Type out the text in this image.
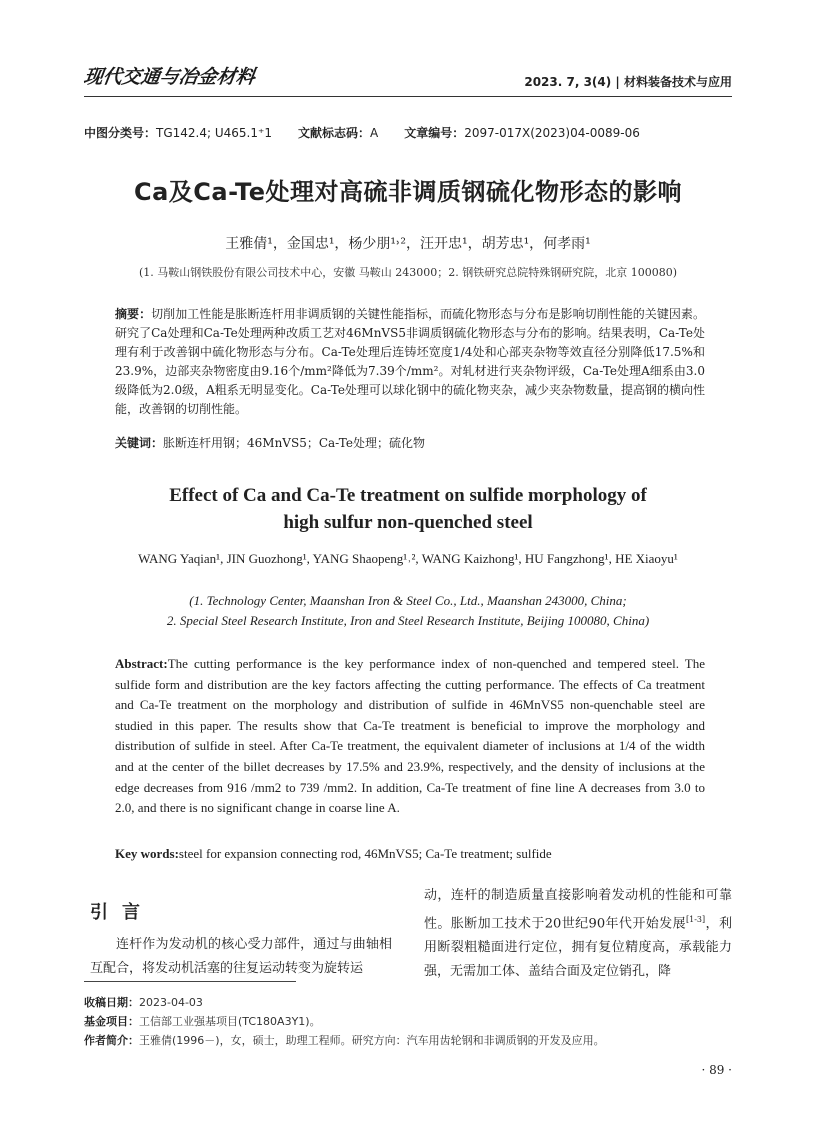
现代交通与冶金材料	2023. 7, 3(4) | 材料装备技术与应用
中图分类号：TG142.4; U465.1⁺1 文献标志码：A 文章编号：2097-017X(2023)04-0089-06
Ca及Ca-Te处理对高硫非调质钢硫化物形态的影响
王雅倩¹，金国忠¹，杨少朋¹˒²，汪开忠¹，胡芳忠¹，何孝雨¹
(1. 马鞍山钢铁股份有限公司技术中心，安徽 马鞍山 243000；2. 钢铁研究总院特殊钢研究院，北京 100080)
摘要：切削加工性能是胀断连杆用非调质钢的关键性能指标，而硫化物形态与分布是影响切削性能的关键因素。研究了Ca处理和Ca-Te处理两种改质工艺对46MnVS5非调质钢硫化物形态与分布的影响。结果表明，Ca-Te处理有利于改善钢中硫化物形态与分布。Ca-Te处理后连铸坯宽度1/4处和心部夹杂物等效直径分别降低17.5%和23.9%，边部夹杂物密度由9.16个/mm²降低为7.39个/mm²。对轧材进行夹杂物评级，Ca-Te处理A细系由3.0级降低为2.0级，A粗系无明显变化。Ca-Te处理可以球化钢中的硫化物夹杂，减少夹杂物数量，提高钢的横向性能，改善钢的切削性能。
关键词：胀断连杆用钢；46MnVS5；Ca-Te处理；硫化物
Effect of Ca and Ca-Te treatment on sulfide morphology of
high sulfur non-quenched steel
WANG Yaqian¹, JIN Guozhong¹, YANG Shaopeng¹˒², WANG Kaizhong¹, HU Fangzhong¹, HE Xiaoyu¹
(1. Technology Center, Maanshan Iron & Steel Co., Ltd., Maanshan 243000, China;
2. Special Steel Research Institute, Iron and Steel Research Institute, Beijing 100080, China)
Abstract:The cutting performance is the key performance index of non-quenched and tempered steel. The sulfide form and distribution are the key factors affecting the cutting performance. The effects of Ca treatment and Ca-Te treatment on the morphology and distribution of sulfide in 46MnVS5 non-quenchable steel are studied in this paper. The results show that Ca-Te treatment is beneficial to improve the morphology and distribution of sulfide in steel. After Ca-Te treatment, the equivalent diameter of inclusions at 1/4 of the width and at the center of the billet decreases by 17.5% and 23.9%, respectively, and the density of inclusions at the edge decreases from 916 /mm2 to 739 /mm2. In addition, Ca-Te treatment of fine line A decreases from 3.0 to 2.0, and there is no significant change in coarse line A.
Key words:steel for expansion connecting rod, 46MnVS5; Ca-Te treatment; sulfide
引言
连杆作为发动机的核心受力部件，通过与曲轴相互配合，将发动机活塞的往复运动转变为旋转运
动，连杆的制造质量直接影响着发动机的性能和可靠性。胀断加工技术于20世纪90年代开始发展[1-3]，利用断裂粗糙面进行定位，拥有复位精度高，承载能力强，无需加工体、盖结合面及定位销孔，降
收稿日期：2023-04-03
基金项目：工信部工业强基项目(TC180A3Y1)。
作者简介：王雅倩(1996－)，女，硕士，助理工程师。研究方向：汽车用齿轮钢和非调质钢的开发及应用。
· 89 ·
